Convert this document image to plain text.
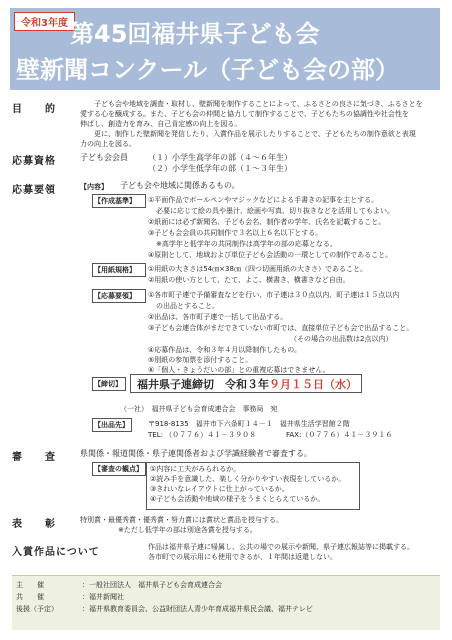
令和3年度 第45回福井県子ども会
壁新聞コンクール（子ども会の部）
目　　的	子ども会や地域を調査・取材し、壁新聞を制作することによって、ふるさとの良さに気づき、ふるさとを
愛する心を醸成する。また、子ども会の仲間と協力して制作することで、子どもたちの協調性や社会性を
伸ばし、創造力を育み、自己肯定感の向上を図る。
更に、制作した壁新聞を発信したり、入賞作品を展示したりすることで、子どもたちの制作意欲と表現
力の向上を図る。
応募資格	子ども会会員	（１）小学生高学年の部（４～６年生）
（２）小学生低学年の部（１～３年生）
応募要領	【内容】 子ども会や地域に関係あるもの。
【作成基準】 ①平面作品でボールペンやマジックなどによる手書きの記事を主とする。
必要に応じて絵の具や墨汁、絵画や写真、切り抜きなどを活用してもよい。
②紙面には必ず新聞名、子ども会名、制作者の学年、氏名を記載すること。
③子ども会会員の共同制作で３名以上６名以下とする。
※高学年と低学年の共同制作は高学年の部の応募となる。
④原則として、地域および単位子ども会活動の一環としての制作であること。
【用紙規格】 ①用紙の大きさは54㎝×38㎝（四つ切画用紙の大きさ）であること。
②用紙の使い方として、たて、よこ、横書き、横書きなど自由。
【応募要領】 ①各市町子連で予備審査などを行い、市子連は３０点以内、町子連は１５点以内
の出品とすること。
②出品は、各市町子連で一括して出品する。
③子ども会連合体がまだできていない市町では、直接単位子ども会で出品すること。
（その場合の出品数は2点以内）
④応募作品は、令和３年４月以降制作したもの。
⑤別紙の参加票を添付すること。
⑥「個人・きょうだいの部」との重複応募はできません。
【締切】 福井県子連締切　令和３年９月１５日（水）
（一社）　福井県子ども会育成連合会　事務局　宛
【出品先】	〒918-8135　福井市下六条町１４－１　福井県生活学習館２階
TEL: （０７７６）４１－３９０８	FAX:（０７７６）４１－３９１６
審　　査	県関係・報道関係・県子連関係者および学識経験者で審査する。
【審査の観点】 ①内容に工夫がみられるか。
②読み手を意識した、楽しく分かりやすい表現をしているか。
③きれいなレイアウトに仕上がっているか。
④子ども会活動や地域の様子をうまくとらえているか。
表　　彰	特別賞・最優秀賞・優秀賞・努力賞には賞状と賞品を授与する。
※ただし低学年の部は別途各賞を授与する。
入賞作品について	作品は福井県子連に帰属し、公共の場での展示や新聞、県子連広報誌等に掲載する。
各市町での展示用にも使用できるが、１年間は返還しない。
主　　催	：一般社団法人　福井県子ども会育成連合会
共　　催	：福井新聞社
後援（予定）	：福井県教育委員会、公益財団法人青少年育成福井県民会議、福井テレビ
